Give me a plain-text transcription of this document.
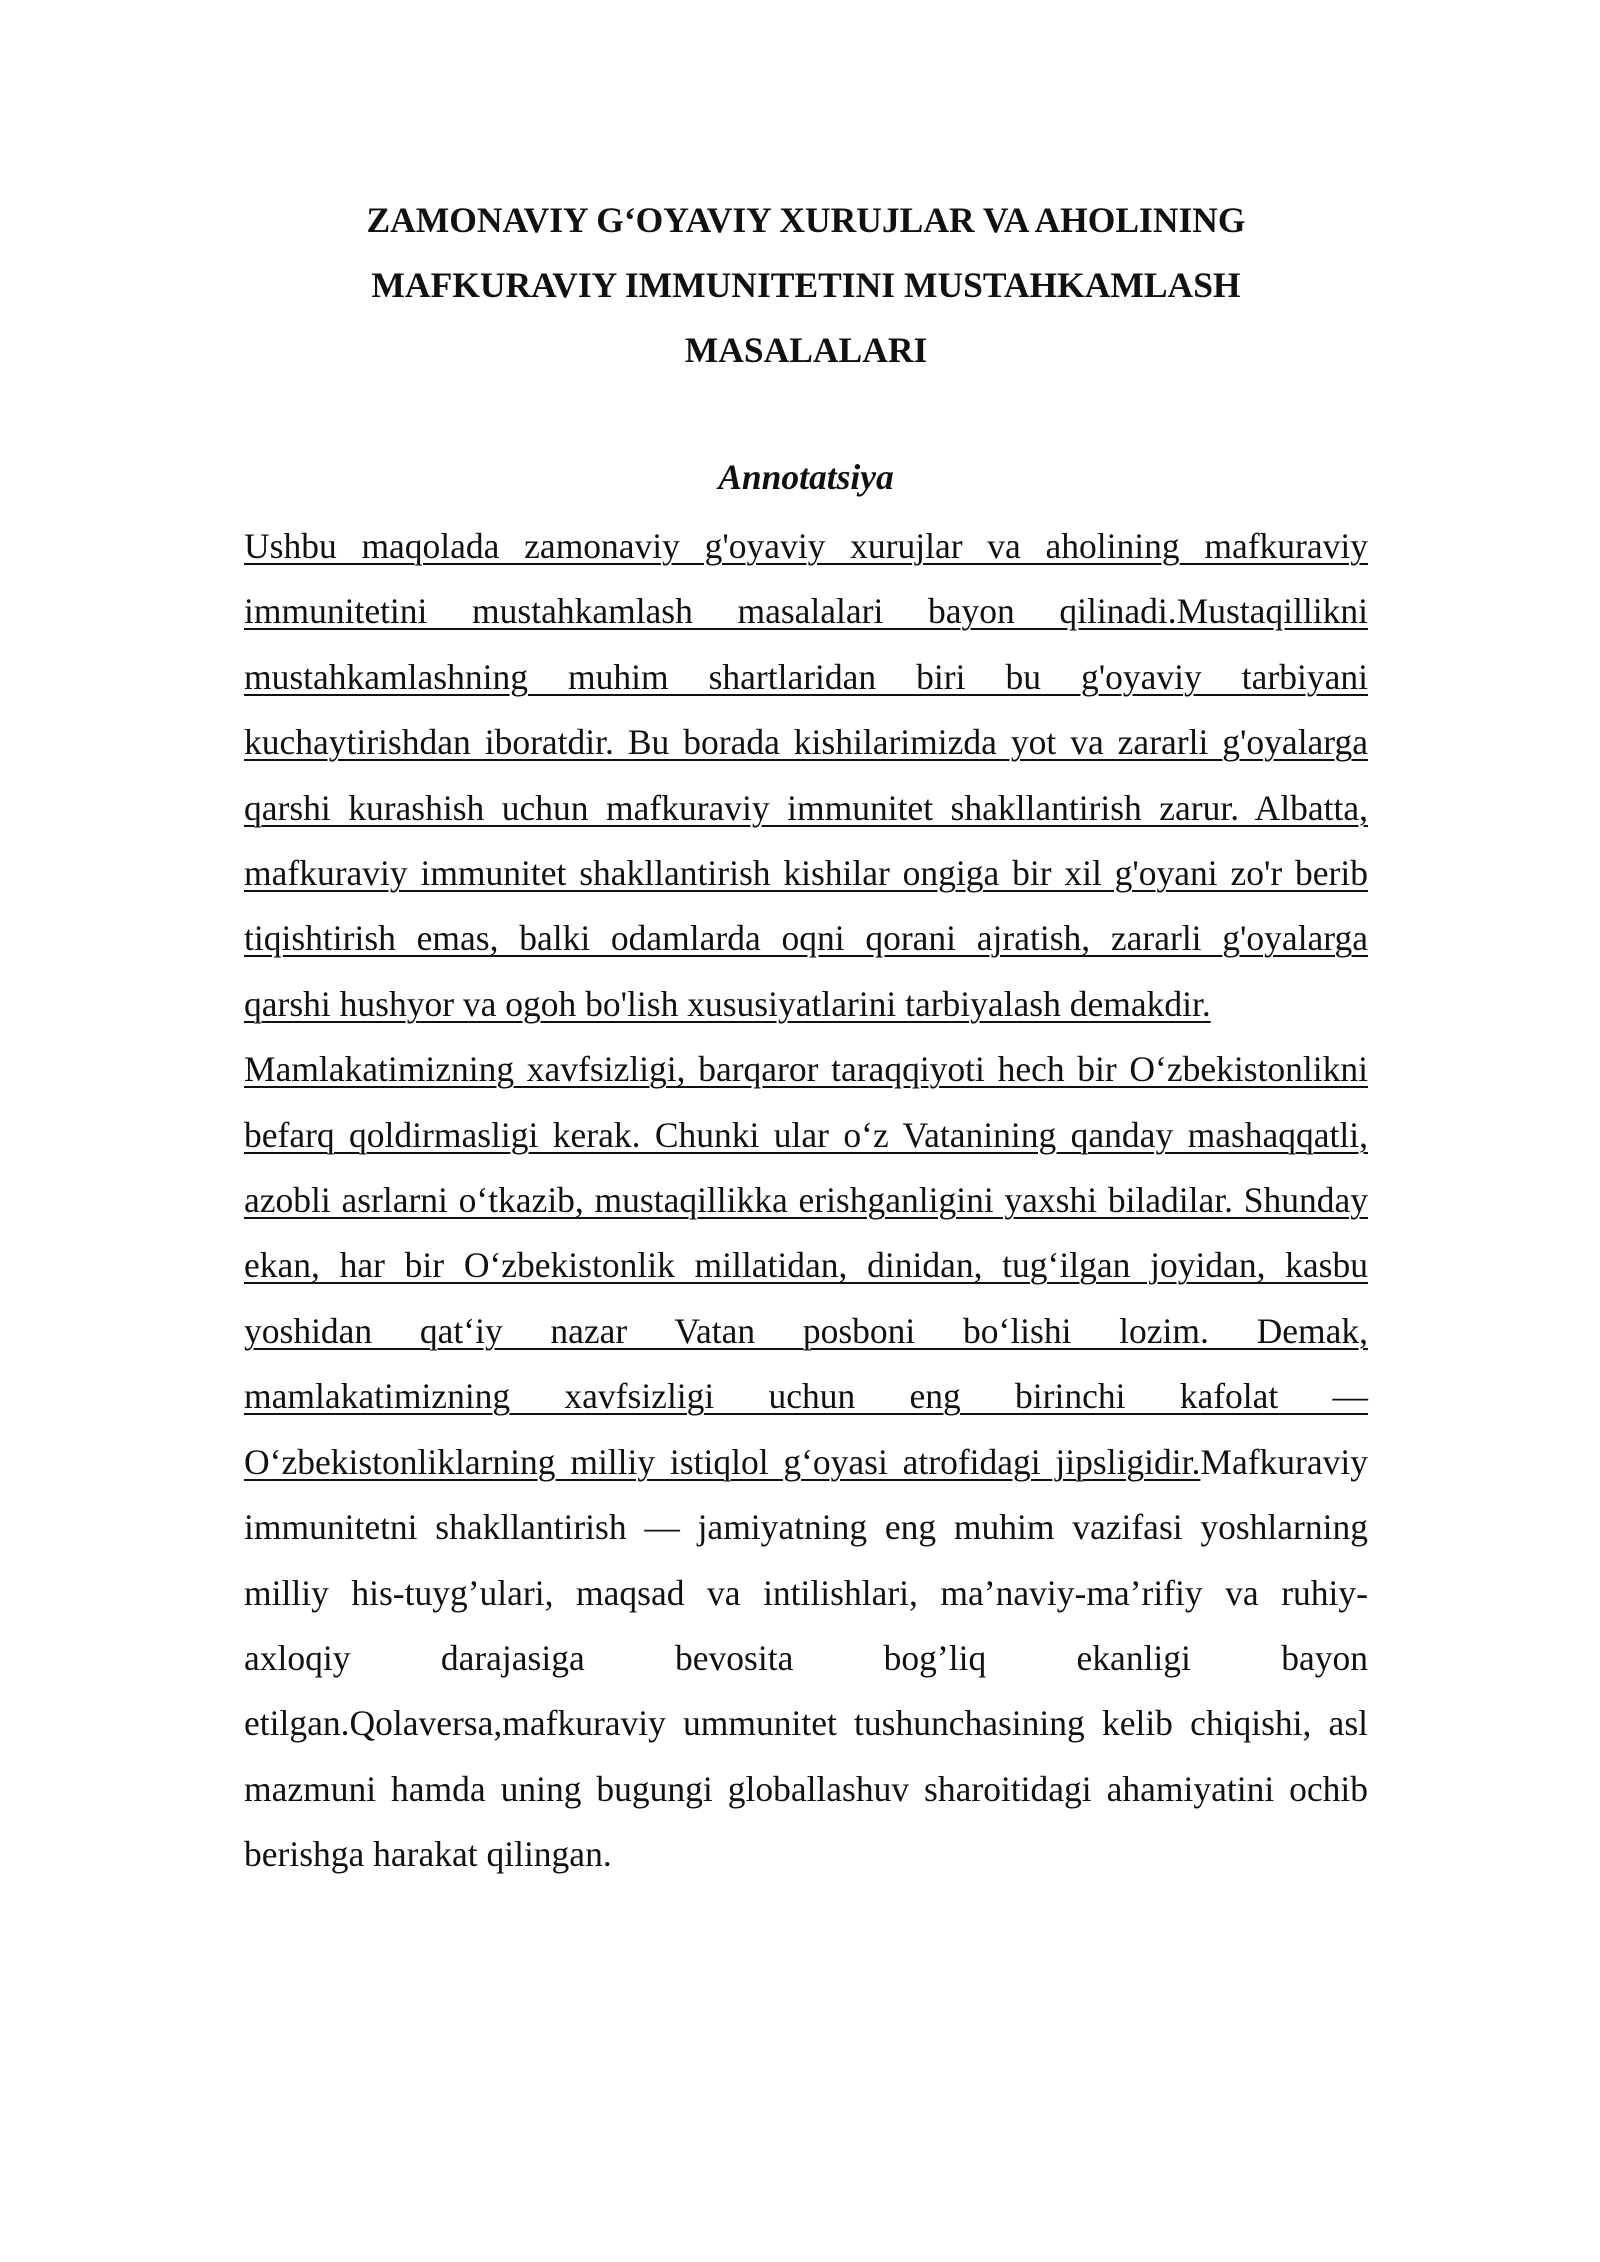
ZAMONAVIY G‘OYAVIY XURUJLAR VA AHOLINING
MAFKURAVIY IMMUNITETINI MUSTAHKAMLASH
MASALALARI
Annotatsiya

Ushbu maqolada zamonaviy g'oyaviy xurujlar va aholining mafkuraviy immunitetini mustahkamlash masalalari bayon qilinadi.Mustaqillikni mustahkamlashning muhim shartlaridan biri bu g'oyaviy tarbiyani kuchaytirishdan iboratdir. Bu borada kishilarimizda yot va zararli g'oyalarga qarshi kurashish uchun mafkuraviy immunitet shakllantirish zarur. Albatta, mafkuraviy immunitet shakllantirish kishilar ongiga bir xil g'oyani zo'r berib tiqishtirish emas, balki odamlarda oqni qorani ajratish, zararli g'oyalarga qarshi hushyor va ogoh bo'lish xususiyatlarini tarbiyalash demakdir.

Mamlakatimizning xavfsizligi, barqaror taraqqiyoti hech bir O‘zbekistonlikni befarq qoldirmasligi kerak. Chunki ular o‘z Vatanining qanday mashaqqatli, azobli asrlarni o‘tkazib, mustaqillikka erishganligini yaxshi biladilar. Shunday ekan, har bir O‘zbekistonlik millatidan, dinidan, tug‘ilgan joyidan, kasbu yoshidan qat‘iy nazar Vatan posboni bo‘lishi lozim. Demak, mamlakatimizning xavfsizligi uchun eng birinchi kafolat — O‘zbekistonliklarning milliy istiqlol g‘oyasi atrofidagi jipsligidir.Mafkuraviy immunitetni shakllantirish — jamiyatning eng muhim vazifasi yoshlarning milliy his-tuyg’ulari, maqsad va intilishlari, ma’naviy-ma’rifiy va ruhiy-axloqiy darajasiga bevosita bog’liq ekanligi bayon etilgan.Qolaversa,mafkuraviy ummunitet tushunchasining kelib chiqishi, asl mazmuni hamda uning bugungi globallashuv sharoitidagi ahamiyatini ochib berishga harakat qilingan.
